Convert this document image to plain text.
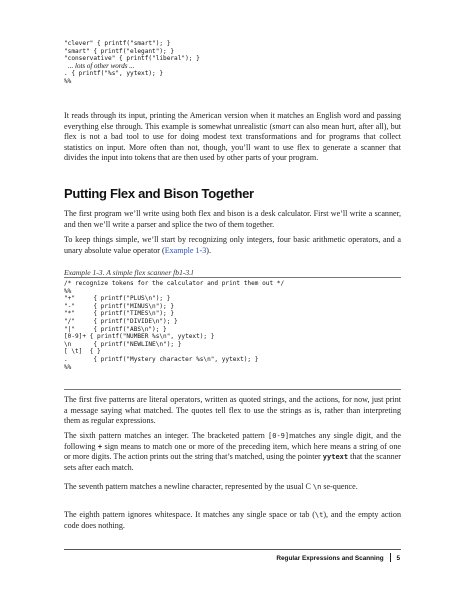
"clever" { printf("smart"); }
"smart" { printf("elegant"); }
"conservative" { printf("liberal"); }
... lots of other words ...
. { printf("%s", yytext); }
%%

It reads through its input, printing the American version when it matches an English word and passing everything else through. This example is somewhat unrealistic (smart can also mean hurt, after all), but flex is not a bad tool to use for doing modest text transformations and for programs that collect statistics on input. More often than not, though, you’ll want to use flex to generate a scanner that divides the input into tokens that are then used by other parts of your program.

Putting Flex and Bison Together

The first program we’ll write using both flex and bison is a desk calculator. First we’ll write a scanner, and then we’ll write a parser and splice the two of them together.

To keep things simple, we’ll start by recognizing only integers, four basic arithmetic operators, and a unary absolute value operator (Example 1-3).

Example 1-3. A simple flex scanner fb1-3.l

/* recognize tokens for the calculator and print them out */
%%
"+"     { printf("PLUS\n"); }
"-"     { printf("MINUS\n"); }
"*"     { printf("TIMES\n"); }
"/"     { printf("DIVIDE\n"); }
"|"     { printf("ABS\n"); }
[0-9]+ { printf("NUMBER %s\n", yytext); }
\n      { printf("NEWLINE\n"); }
[ \t]  { }
.       { printf("Mystery character %s\n", yytext); }
%%

The first five patterns are literal operators, written as quoted strings, and the actions, for now, just print a message saying what matched. The quotes tell flex to use the strings as is, rather than interpreting them as regular expressions.

The sixth pattern matches an integer. The bracketed pattern [0-9]matches any single digit, and the following + sign means to match one or more of the preceding item, which here means a string of one or more digits. The action prints out the string that’s matched, using the pointer yytext that the scanner sets after each match.

The seventh pattern matches a newline character, represented by the usual C \n se-quence.

The eighth pattern ignores whitespace. It matches any single space or tab (\t), and the empty action code does nothing.

Regular Expressions and Scanning 5
